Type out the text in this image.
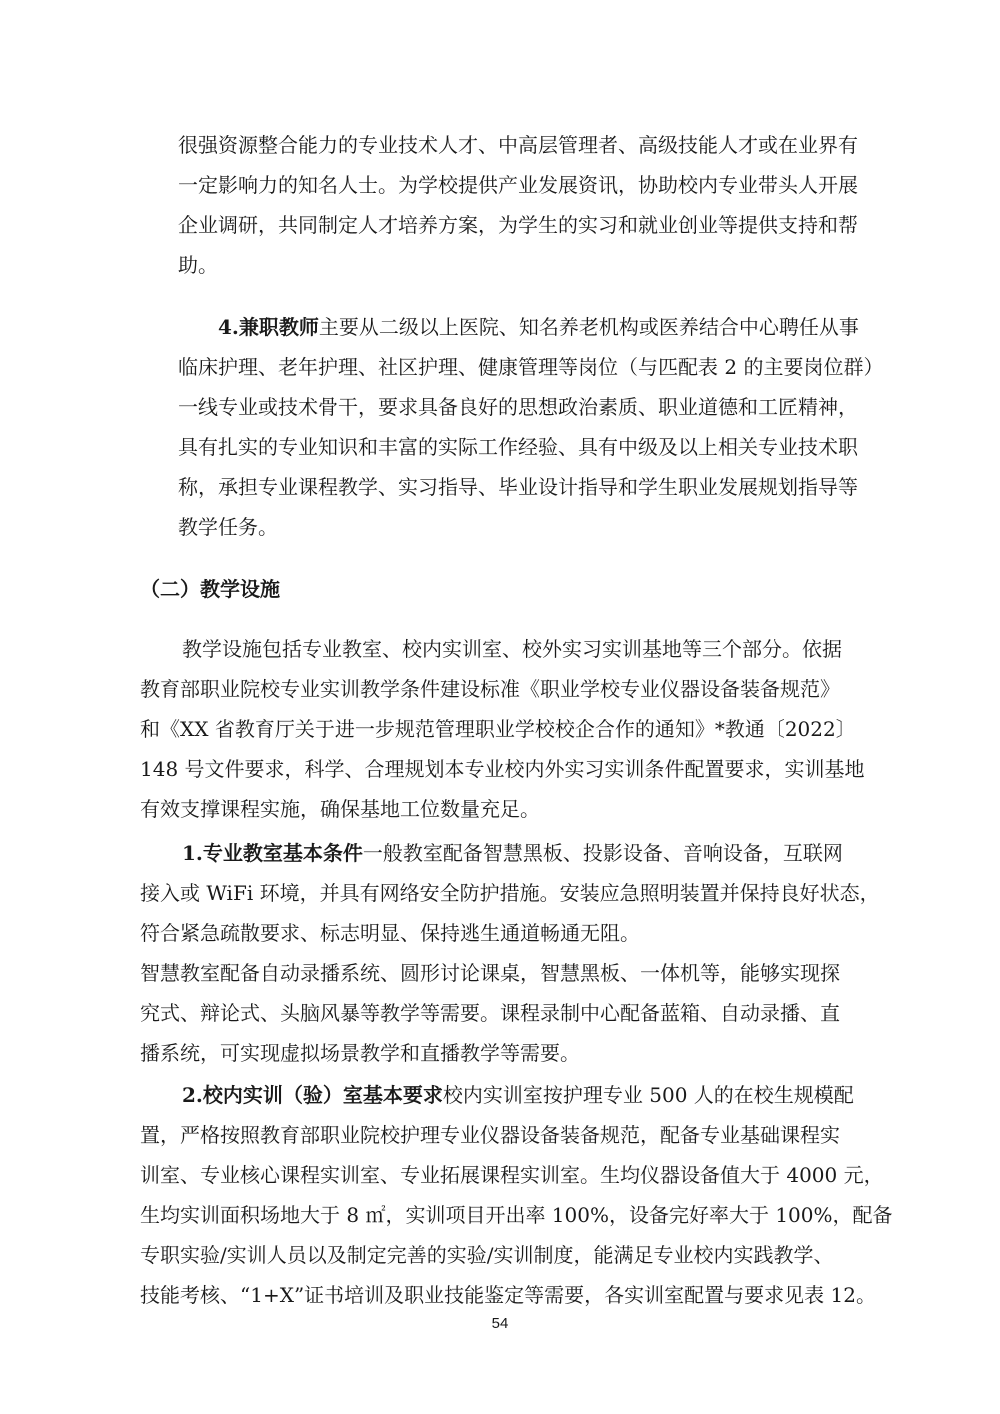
很强资源整合能力的专业技术人才、中高层管理者、高级技能人才或在业界有
一定影响力的知名人士。为学校提供产业发展资讯，协助校内专业带头人开展
企业调研，共同制定人才培养方案，为学生的实习和就业创业等提供支持和帮
助。
4.兼职教师主要从二级以上医院、知名养老机构或医养结合中心聘任从事
临床护理、老年护理、社区护理、健康管理等岗位（与匹配表 2 的主要岗位群）
一线专业或技术骨干，要求具备良好的思想政治素质、职业道德和工匠精神，
具有扎实的专业知识和丰富的实际工作经验、具有中级及以上相关专业技术职
称，承担专业课程教学、实习指导、毕业设计指导和学生职业发展规划指导等
教学任务。
（二）教学设施
教学设施包括专业教室、校内实训室、校外实习实训基地等三个部分。依据
教育部职业院校专业实训教学条件建设标准《职业学校专业仪器设备装备规范》
和《XX 省教育厅关于进一步规范管理职业学校校企合作的通知》*教通〔2022〕
148 号文件要求，科学、合理规划本专业校内外实习实训条件配置要求，实训基地
有效支撑课程实施，确保基地工位数量充足。
1.专业教室基本条件一般教室配备智慧黑板、投影设备、音响设备，互联网
接入或 WiFi 环境，并具有网络安全防护措施。安装应急照明装置并保持良好状态，
符合紧急疏散要求、标志明显、保持逃生通道畅通无阻。
智慧教室配备自动录播系统、圆形讨论课桌，智慧黑板、一体机等，能够实现探
究式、辩论式、头脑风暴等教学等需要。课程录制中心配备蓝箱、自动录播、直
播系统，可实现虚拟场景教学和直播教学等需要。
2.校内实训（验）室基本要求校内实训室按护理专业 500 人的在校生规模配
置，严格按照教育部职业院校护理专业仪器设备装备规范，配备专业基础课程实
训室、专业核心课程实训室、专业拓展课程实训室。生均仪器设备值大于 4000 元，
生均实训面积场地大于 8 ㎡，实训项目开出率 100%，设备完好率大于 100%，配备
专职实验/实训人员以及制定完善的实验/实训制度，能满足专业校内实践教学、
技能考核、“1+X”证书培训及职业技能鉴定等需要，各实训室配置与要求见表 12。
54
